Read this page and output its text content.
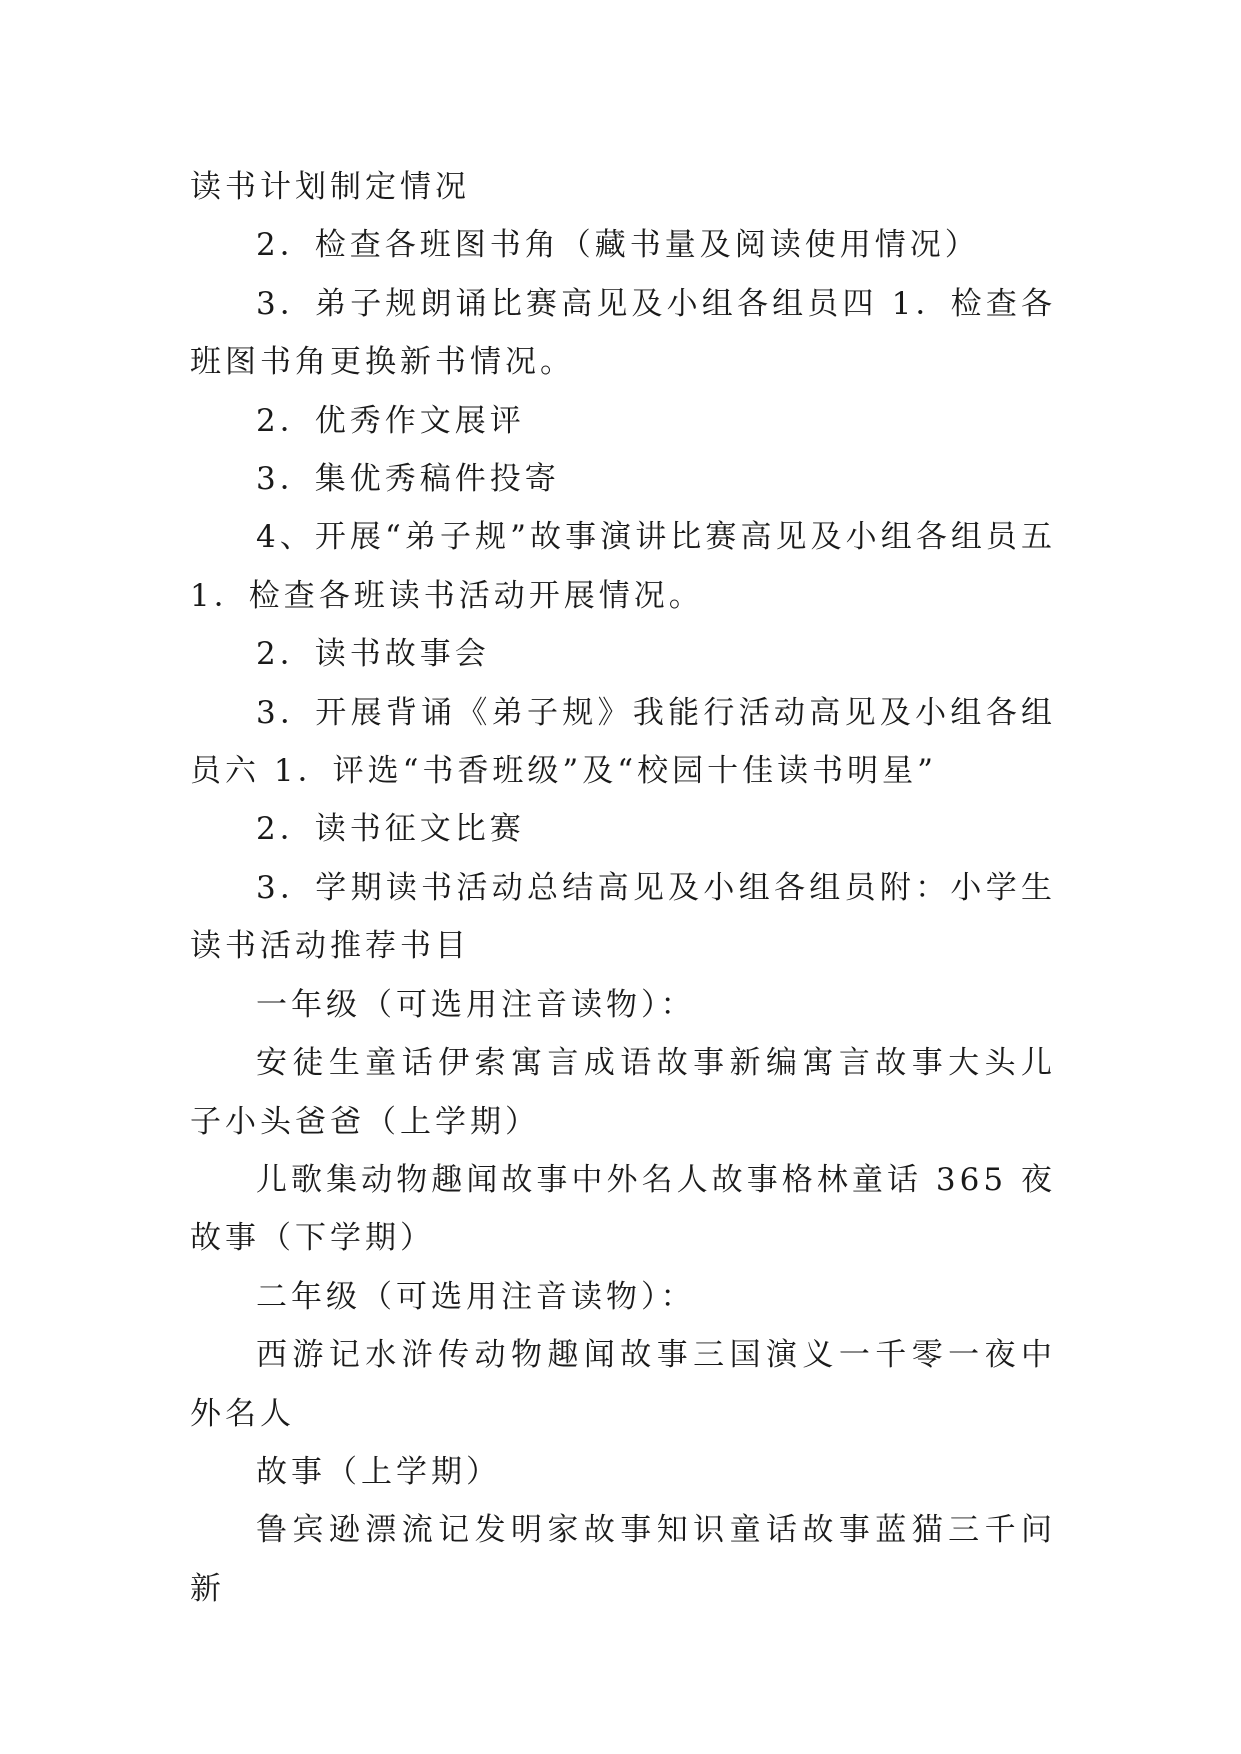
读书计划制定情况

2．检查各班图书角（藏书量及阅读使用情况）

3．弟子规朗诵比赛高见及小组各组员四 1．检查各班图书角更换新书情况。

2．优秀作文展评

3．集优秀稿件投寄

4、开展“弟子规”故事演讲比赛高见及小组各组员五 1．检查各班读书活动开展情况。

2．读书故事会

3．开展背诵《弟子规》我能行活动高见及小组各组员六 1．评选“书香班级”及“校园十佳读书明星”

2．读书征文比赛

3．学期读书活动总结高见及小组各组员附：小学生读书活动推荐书目

一年级（可选用注音读物）：

安徒生童话伊索寓言成语故事新编寓言故事大头儿子小头爸爸（上学期）

儿歌集动物趣闻故事中外名人故事格林童话 365 夜故事（下学期）

二年级（可选用注音读物）：

西游记水浒传动物趣闻故事三国演义一千零一夜中外名人

故事（上学期）

鲁宾逊漂流记发明家故事知识童话故事蓝猫三千问新
